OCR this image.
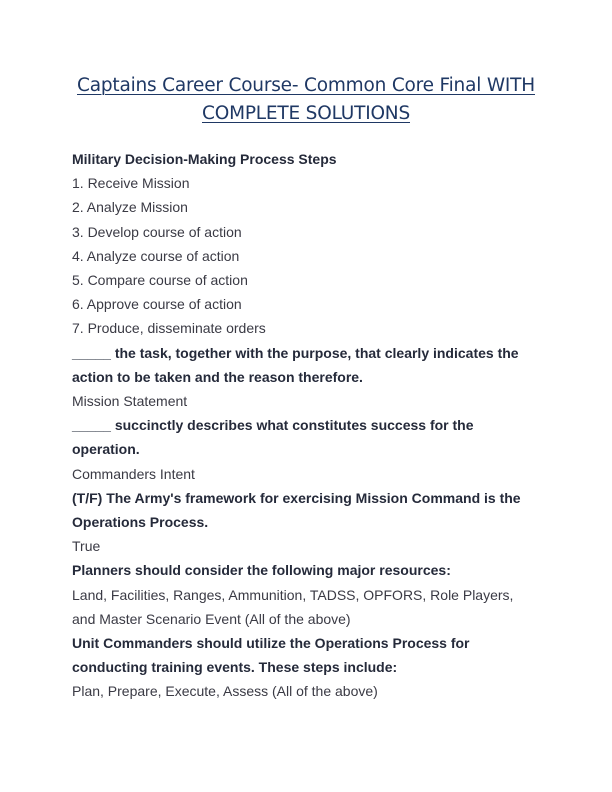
Captains Career Course- Common Core Final WITH
COMPLETE SOLUTIONS
Military Decision-Making Process Steps
1. Receive Mission
2. Analyze Mission
3. Develop course of action
4. Analyze course of action
5. Compare course of action
6. Approve course of action
7. Produce, disseminate orders
_____ the task, together with the purpose, that clearly indicates the
action to be taken and the reason therefore.
Mission Statement
_____ succinctly describes what constitutes success for the
operation.
Commanders Intent
(T/F) The Army's framework for exercising Mission Command is the
Operations Process.
True
Planners should consider the following major resources:
Land, Facilities, Ranges, Ammunition, TADSS, OPFORS, Role Players,
and Master Scenario Event (All of the above)
Unit Commanders should utilize the Operations Process for
conducting training events. These steps include:
Plan, Prepare, Execute, Assess (All of the above)
